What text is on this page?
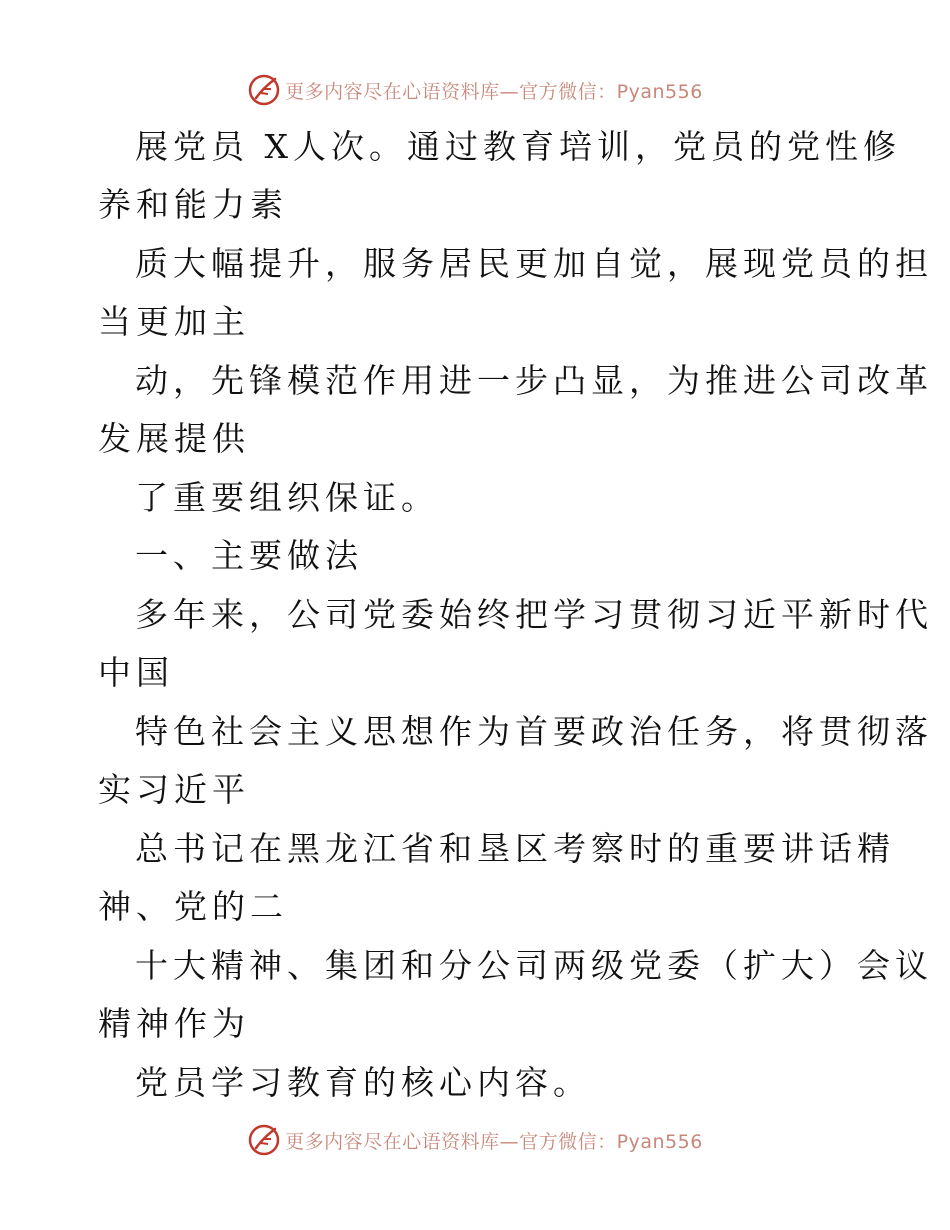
更多内容尽在心语资料库—官方微信：Pyan556
展党员 X人次。通过教育培训，党员的党性修
养和能力素
质大幅提升，服务居民更加自觉，展现党员的担
当更加主
动，先锋模范作用进一步凸显，为推进公司改革
发展提供
了重要组织保证。
一、主要做法
多年来，公司党委始终把学习贯彻习近平新时代
中国
特色社会主义思想作为首要政治任务，将贯彻落
实习近平
总书记在黑龙江省和垦区考察时的重要讲话精
神、党的二
十大精神、集团和分公司两级党委（扩大）会议
精神作为
党员学习教育的核心内容。
更多内容尽在心语资料库—官方微信：Pyan556
